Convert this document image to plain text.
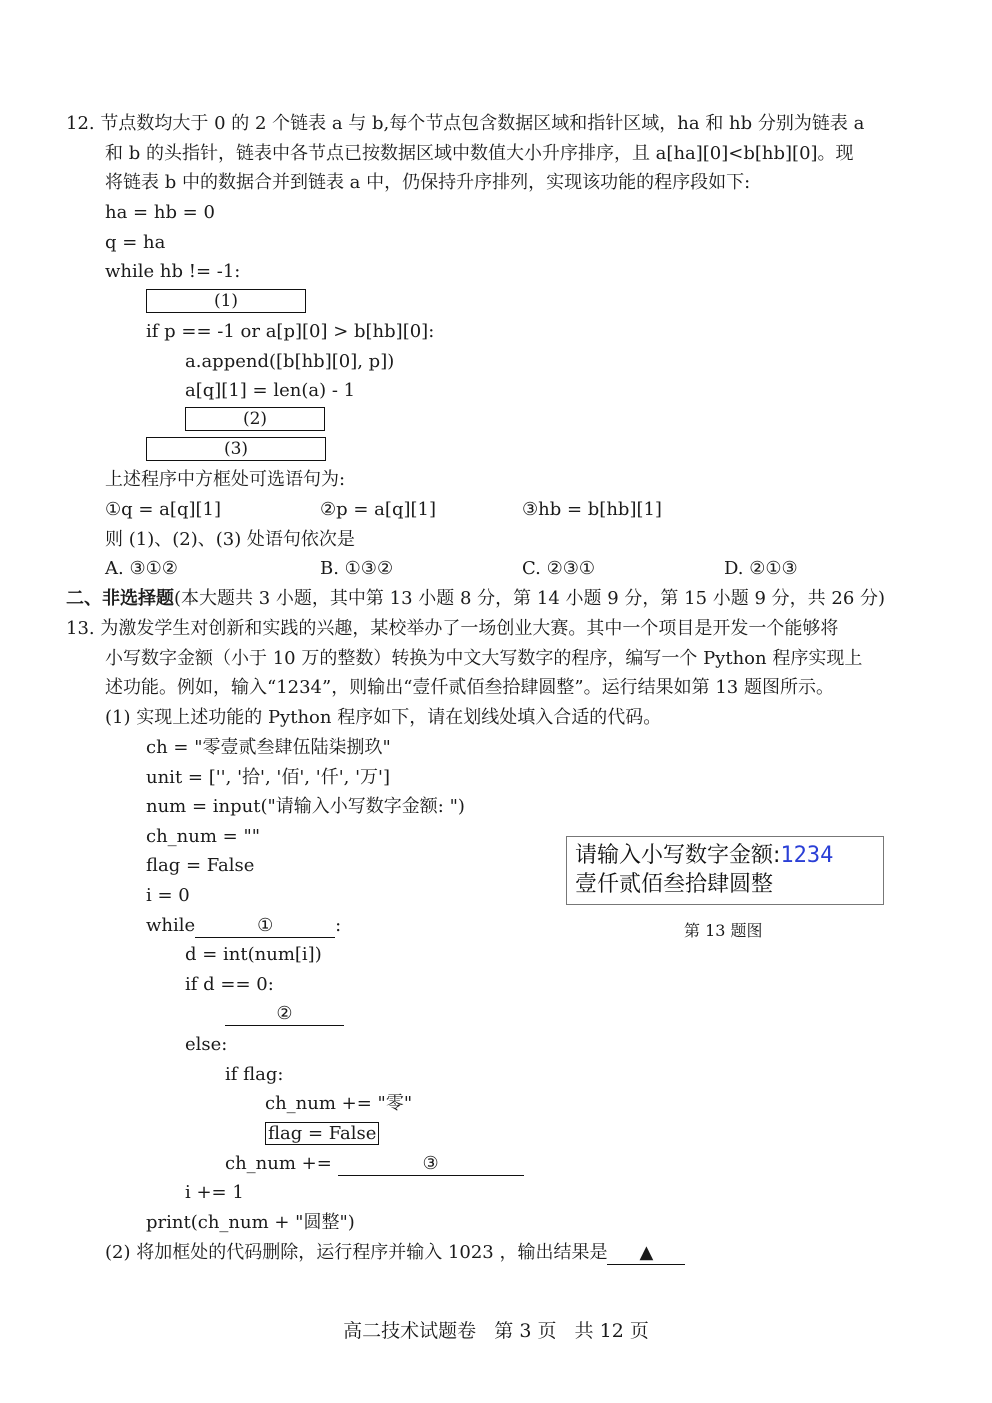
12. 节点数均大于 0 的 2 个链表 a 与 b,每个节点包含数据区域和指针区域，ha 和 hb 分别为链表 a
和 b 的头指针，链表中各节点已按数据区域中数值大小升序排序，且 a[ha][0]<b[hb][0]。现
将链表 b 中的数据合并到链表 a 中，仍保持升序排列，实现该功能的程序段如下:
ha = hb = 0
q = ha
while hb != -1:
(1)
if p == -1 or a[p][0] > b[hb][0]:
a.append([b[hb][0], p])
a[q][1] = len(a) - 1
(2)
(3)
上述程序中方框处可选语句为:
①q = a[q][1]	②p = a[q][1]	③hb = b[hb][1]
则 (1)、(2)、(3) 处语句依次是
A. ③①②	B. ①③②	C. ②③①	D. ②①③
二、非选择题(本大题共 3 小题，其中第 13 小题 8 分，第 14 小题 9 分，第 15 小题 9 分，共 26 分)
13. 为激发学生对创新和实践的兴趣，某校举办了一场创业大赛。其中一个项目是开发一个能够将
小写数字金额（小于 10 万的整数）转换为中文大写数字的程序，编写一个 Python 程序实现上
述功能。例如，输入“1234”，则输出“壹仟贰佰叁拾肆圆整”。运行结果如第 13 题图所示。
(1) 实现上述功能的 Python 程序如下，请在划线处填入合适的代码。
ch = "零壹贰叁肆伍陆柒捌玖"
unit = ['', '拾', '佰', '仟', '万']
num = input("请输入小写数字金额: ")
ch_num = ""
flag = False
i = 0
while	①	:
d = int(num[i])
if d == 0:
②
else:
if flag:
ch_num += "零"
flag = False
ch_num +=	③
i += 1
print(ch_num + "圆整")
(2) 将加框处的代码删除，运行程序并输入 1023 ，输出结果是 ▲
请输入小写数字金额:1234
壹仟贰佰叁拾肆圆整
第 13 题图
高二技术试题卷   第 3 页   共 12 页
